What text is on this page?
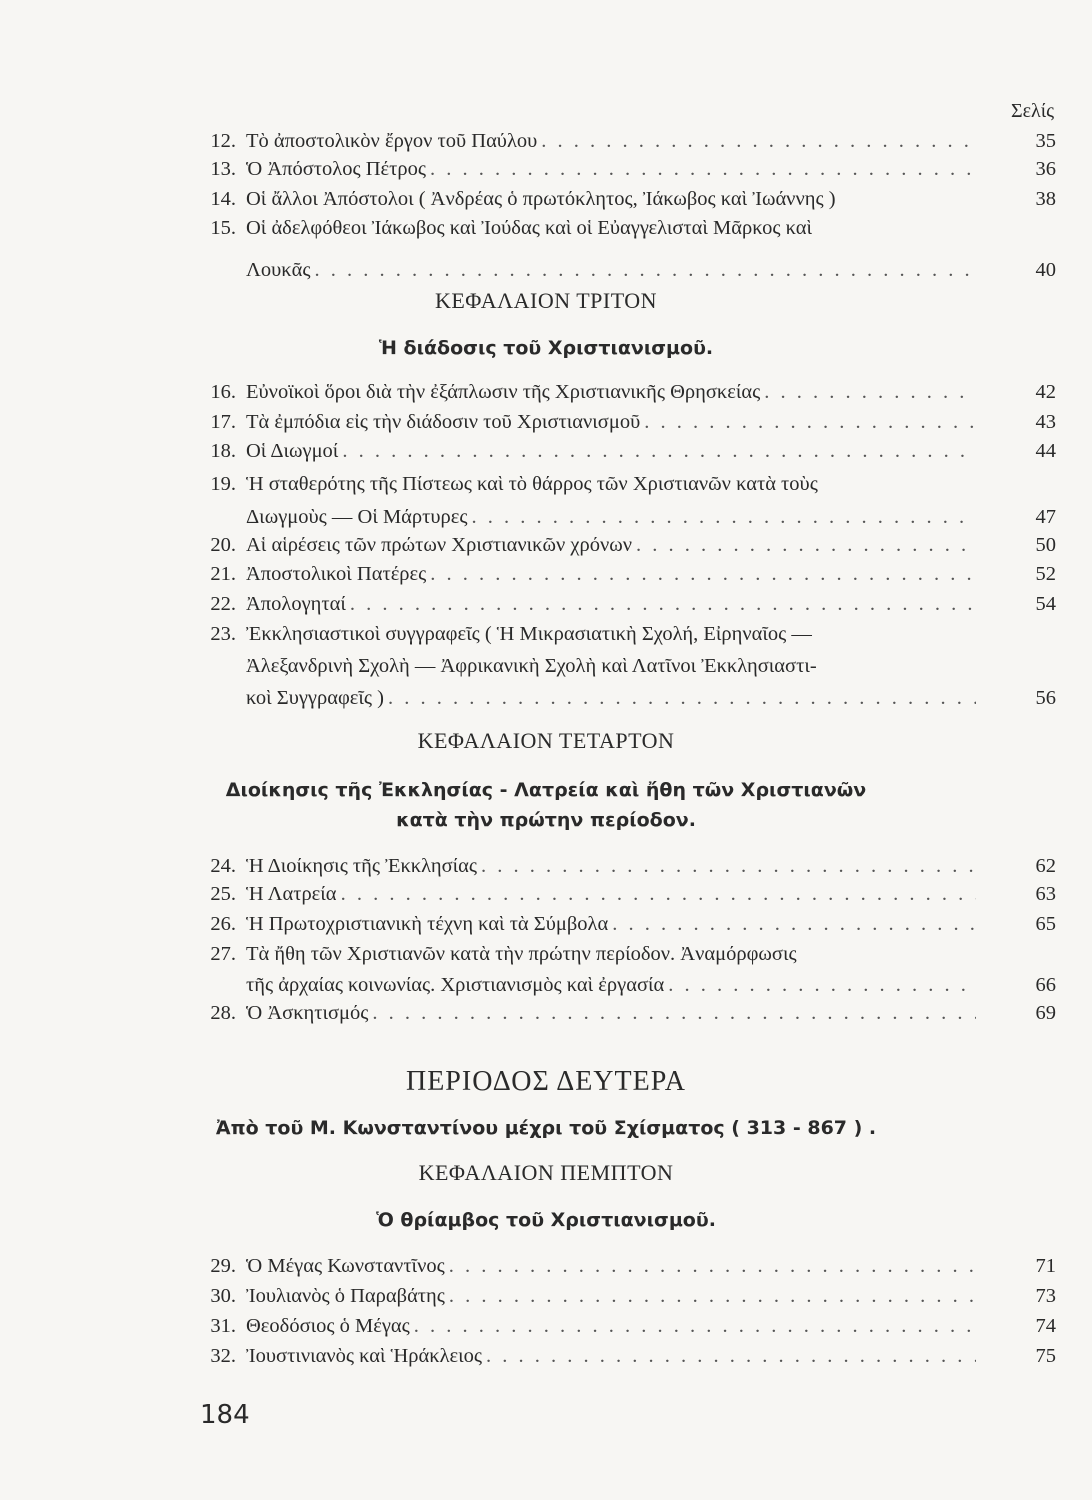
Σελίς
12. Τὸ ἀποστολικὸν ἔργον τοῦ Παύλου . . .	35
13. Ὁ Ἀπόστολος Πέτρος . . .	36
14. Οἱ ἄλλοι Ἀπόστολοι ( Ἀνδρέας ὁ πρωτόκλητος, Ἰάκωβος καὶ Ἰωάννης )	38
15. Οἱ ἀδελφόθεοι Ἰάκωβος καὶ Ἰούδας καὶ οἱ Εὐαγγελισταὶ Μᾶρκος καὶ
Λουκᾶς . . .	40
ΚΕΦΑΛΑΙΟΝ ΤΡΙΤΟΝ
Ἡ διάδοσις τοῦ Χριστιανισμοῦ.
16. Εὐνοϊκοὶ ὅροι διὰ τὴν ἐξάπλωσιν τῆς Χριστιανικῆς Θρησκείας . . .	42
17. Τὰ ἐμπόδια εἰς τὴν διάδοσιν τοῦ Χριστιανισμοῦ . . .	43
18. Οἱ Διωγμοί . . .	44
19. Ἡ σταθερότης τῆς Πίστεως καὶ τὸ θάρρος τῶν Χριστιανῶν κατὰ τοὺς
Διωγμοὺς — Οἱ Μάρτυρες . . .	47
20. Αἱ αἱρέσεις τῶν πρώτων Χριστιανικῶν χρόνων . . .	50
21. Ἀποστολικοὶ Πατέρες . . .	52
22. Ἀπολογηταί . . .	54
23. Ἐκκλησιαστικοὶ συγγραφεῖς ( Ἡ Μικρασιατικὴ Σχολή, Εἰρηναῖος —
Ἀλεξανδρινὴ Σχολὴ — Ἀφρικανικὴ Σχολὴ καὶ Λατῖνοι Ἐκκλησιαστι-
κοὶ Συγγραφεῖς ) . . .	56
ΚΕΦΑΛΑΙΟΝ ΤΕΤΑΡΤΟΝ
Διοίκησις τῆς Ἐκκλησίας - Λατρεία καὶ ἤθη τῶν Χριστιανῶν
κατὰ τὴν πρώτην περίοδον.
24. Ἡ Διοίκησις τῆς Ἐκκλησίας . . .	62
25. Ἡ Λατρεία . . .	63
26. Ἡ Πρωτοχριστιανικὴ τέχνη καὶ τὰ Σύμβολα . . .	65
27. Τὰ ἤθη τῶν Χριστιανῶν κατὰ τὴν πρώτην περίοδον. Ἀναμόρφωσις
τῆς ἀρχαίας κοινωνίας. Χριστιανισμὸς καὶ ἐργασία . . .	66
28. Ὁ Ἀσκητισμός . . .	69
ΠΕΡΙΟΔΟΣ ΔΕΥΤΕΡΑ
Ἀπὸ τοῦ Μ. Κωνσταντίνου μέχρι τοῦ Σχίσματος ( 313 - 867 ) .
ΚΕΦΑΛΑΙΟΝ ΠΕΜΠΤΟΝ
Ὁ θρίαμβος τοῦ Χριστιανισμοῦ.
29. Ὁ Μέγας Κωνσταντῖνος . . .	71
30. Ἰουλιανὸς ὁ Παραβάτης . . .	73
31. Θεοδόσιος ὁ Μέγας . . .	74
32. Ἰουστινιανὸς καὶ Ἡράκλειος . . .	75
184
